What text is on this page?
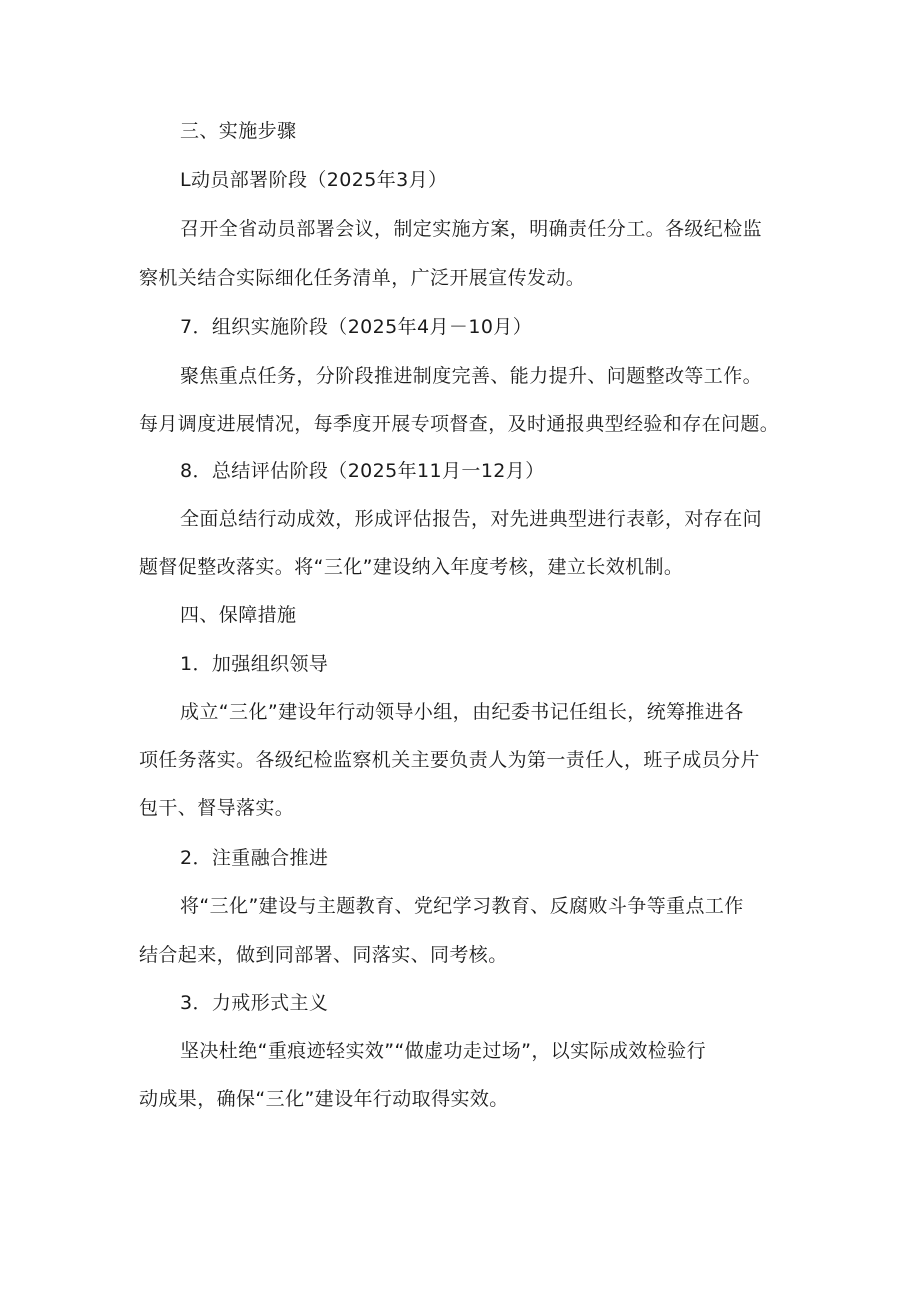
三、实施步骤
L动员部署阶段（2025年3月）
召开全省动员部署会议，制定实施方案，明确责任分工。各级纪检监
察机关结合实际细化任务清单，广泛开展宣传发动。
7．组织实施阶段（2025年4月－10月）
聚焦重点任务，分阶段推进制度完善、能力提升、问题整改等工作。
每月调度进展情况，每季度开展专项督查，及时通报典型经验和存在问题。
8．总结评估阶段（2025年11月一12月）
全面总结行动成效，形成评估报告，对先进典型进行表彰，对存在问
题督促整改落实。将“三化”建设纳入年度考核，建立长效机制。
四、保障措施
1．加强组织领导
成立“三化”建设年行动领导小组，由纪委书记任组长，统筹推进各
项任务落实。各级纪检监察机关主要负责人为第一责任人，班子成员分片
包干、督导落实。
2．注重融合推进
将“三化”建设与主题教育、党纪学习教育、反腐败斗争等重点工作
结合起来，做到同部署、同落实、同考核。
3．力戒形式主义
坚决杜绝“重痕迹轻实效”“做虚功走过场”，以实际成效检验行
动成果，确保“三化”建设年行动取得实效。
